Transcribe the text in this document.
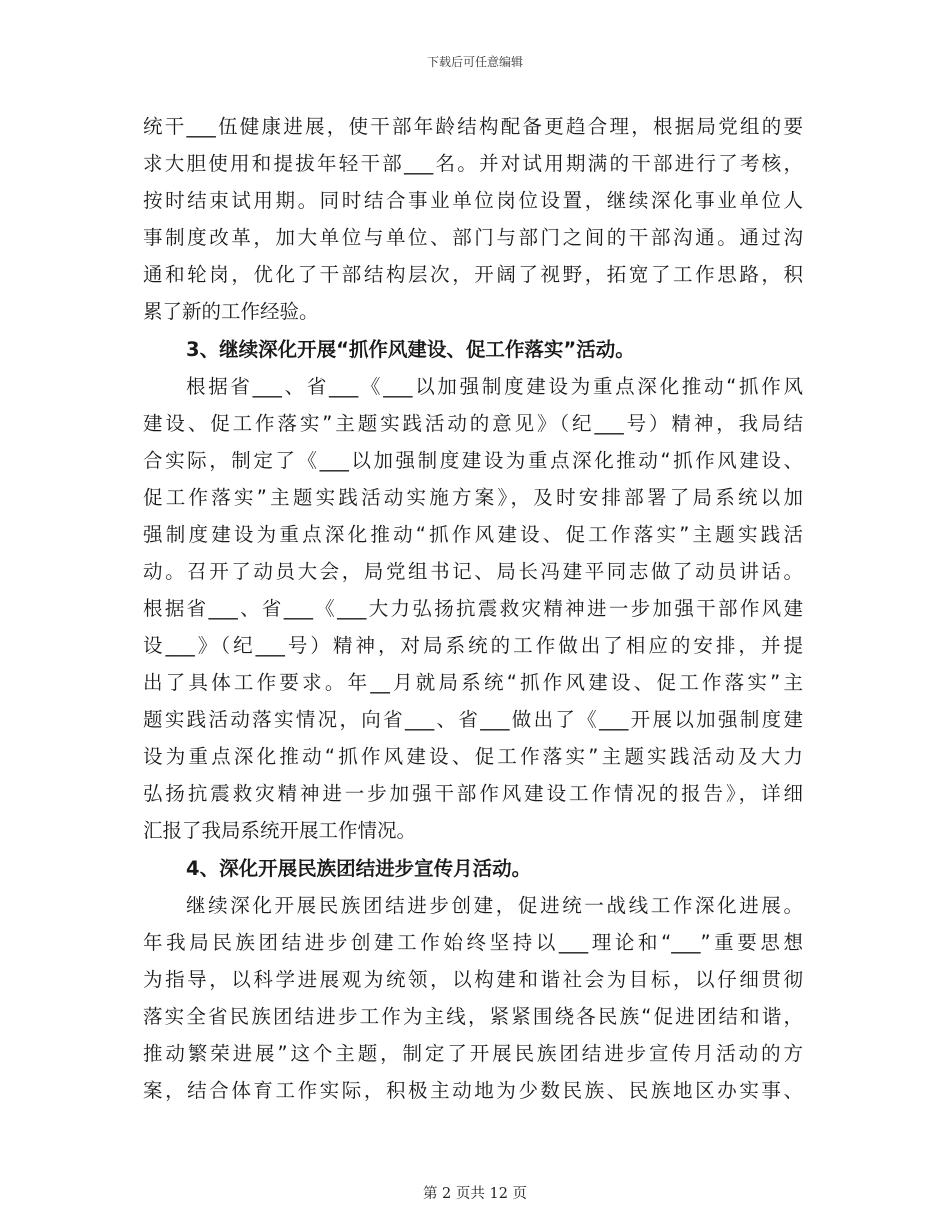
下载后可任意编辑
统干___伍健康进展，使干部年龄结构配备更趋合理，根据局党组的要
求大胆使用和提拔年轻干部___名。并对试用期满的干部进行了考核，
按时结束试用期。同时结合事业单位岗位设置，继续深化事业单位人
事制度改革，加大单位与单位、部门与部门之间的干部沟通。通过沟
通和轮岗，优化了干部结构层次，开阔了视野，拓宽了工作思路，积
累了新的工作经验。
3、继续深化开展“抓作风建设、促工作落实”活动。
根据省___、省___《___以加强制度建设为重点深化推动“抓作风
建设、促工作落实”主题实践活动的意见》（纪___号）精神，我局结
合实际，制定了《___以加强制度建设为重点深化推动“抓作风建设、
促工作落实”主题实践活动实施方案》，及时安排部署了局系统以加
强制度建设为重点深化推动“抓作风建设、促工作落实”主题实践活
动。召开了动员大会，局党组书记、局长冯建平同志做了动员讲话。
根据省___、省___《___大力弘扬抗震救灾精神进一步加强干部作风建
设___》（纪___号）精神，对局系统的工作做出了相应的安排，并提
出了具体工作要求。年__月就局系统“抓作风建设、促工作落实”主
题实践活动落实情况，向省___、省___做出了《___开展以加强制度建
设为重点深化推动“抓作风建设、促工作落实”主题实践活动及大力
弘扬抗震救灾精神进一步加强干部作风建设工作情况的报告》，详细
汇报了我局系统开展工作情况。
4、深化开展民族团结进步宣传月活动。
继续深化开展民族团结进步创建，促进统一战线工作深化进展。
年我局民族团结进步创建工作始终坚持以___理论和“___”重要思想
为指导，以科学进展观为统领，以构建和谐社会为目标，以仔细贯彻
落实全省民族团结进步工作为主线，紧紧围绕各民族“促进团结和谐，
推动繁荣进展”这个主题，制定了开展民族团结进步宣传月活动的方
案，结合体育工作实际，积极主动地为少数民族、民族地区办实事、
第 2 页共 12 页
